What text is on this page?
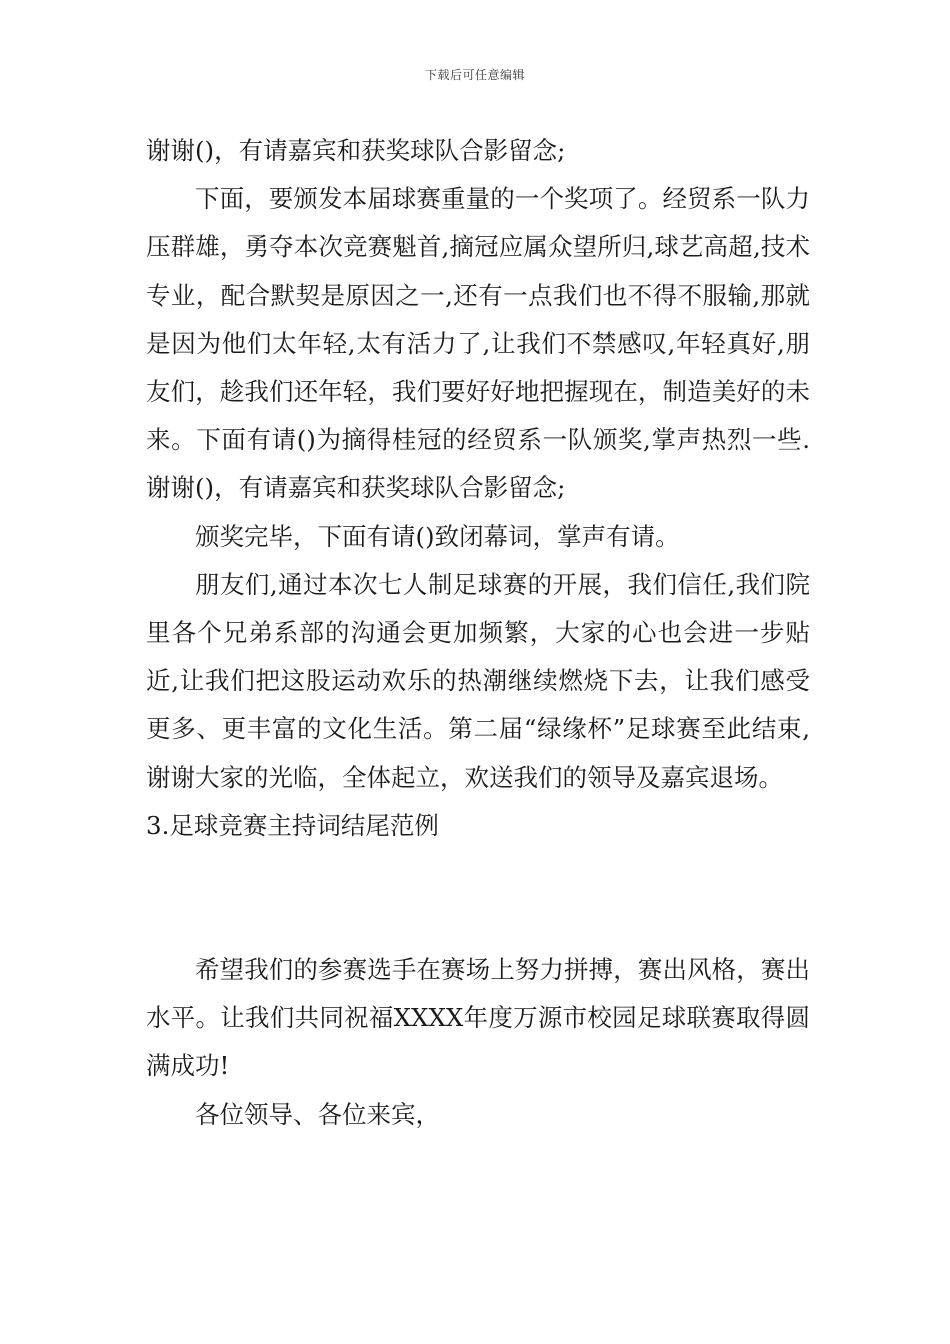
下载后可任意编辑

谢谢()，有请嘉宾和获奖球队合影留念;

下面，要颁发本届球赛重量的一个奖项了。经贸系一队力压群雄，勇夺本次竞赛魁首,摘冠应属众望所归,球艺高超,技术专业，配合默契是原因之一,还有一点我们也不得不服输,那就是因为他们太年轻,太有活力了,让我们不禁感叹,年轻真好,朋友们，趁我们还年轻，我们要好好地把握现在，制造美好的未来。下面有请()为摘得桂冠的经贸系一队颁奖,掌声热烈一些.谢谢()，有请嘉宾和获奖球队合影留念;

颁奖完毕，下面有请()致闭幕词，掌声有请。

朋友们,通过本次七人制足球赛的开展，我们信任,我们院里各个兄弟系部的沟通会更加频繁，大家的心也会进一步贴近,让我们把这股运动欢乐的热潮继续燃烧下去，让我们感受更多、更丰富的文化生活。第二届“绿缘杯”足球赛至此结束,谢谢大家的光临，全体起立，欢送我们的领导及嘉宾退场。

3.足球竞赛主持词结尾范例

希望我们的参赛选手在赛场上努力拼搏，赛出风格，赛出水平。让我们共同祝福XXXX年度万源市校园足球联赛取得圆满成功!

各位领导、各位来宾，
